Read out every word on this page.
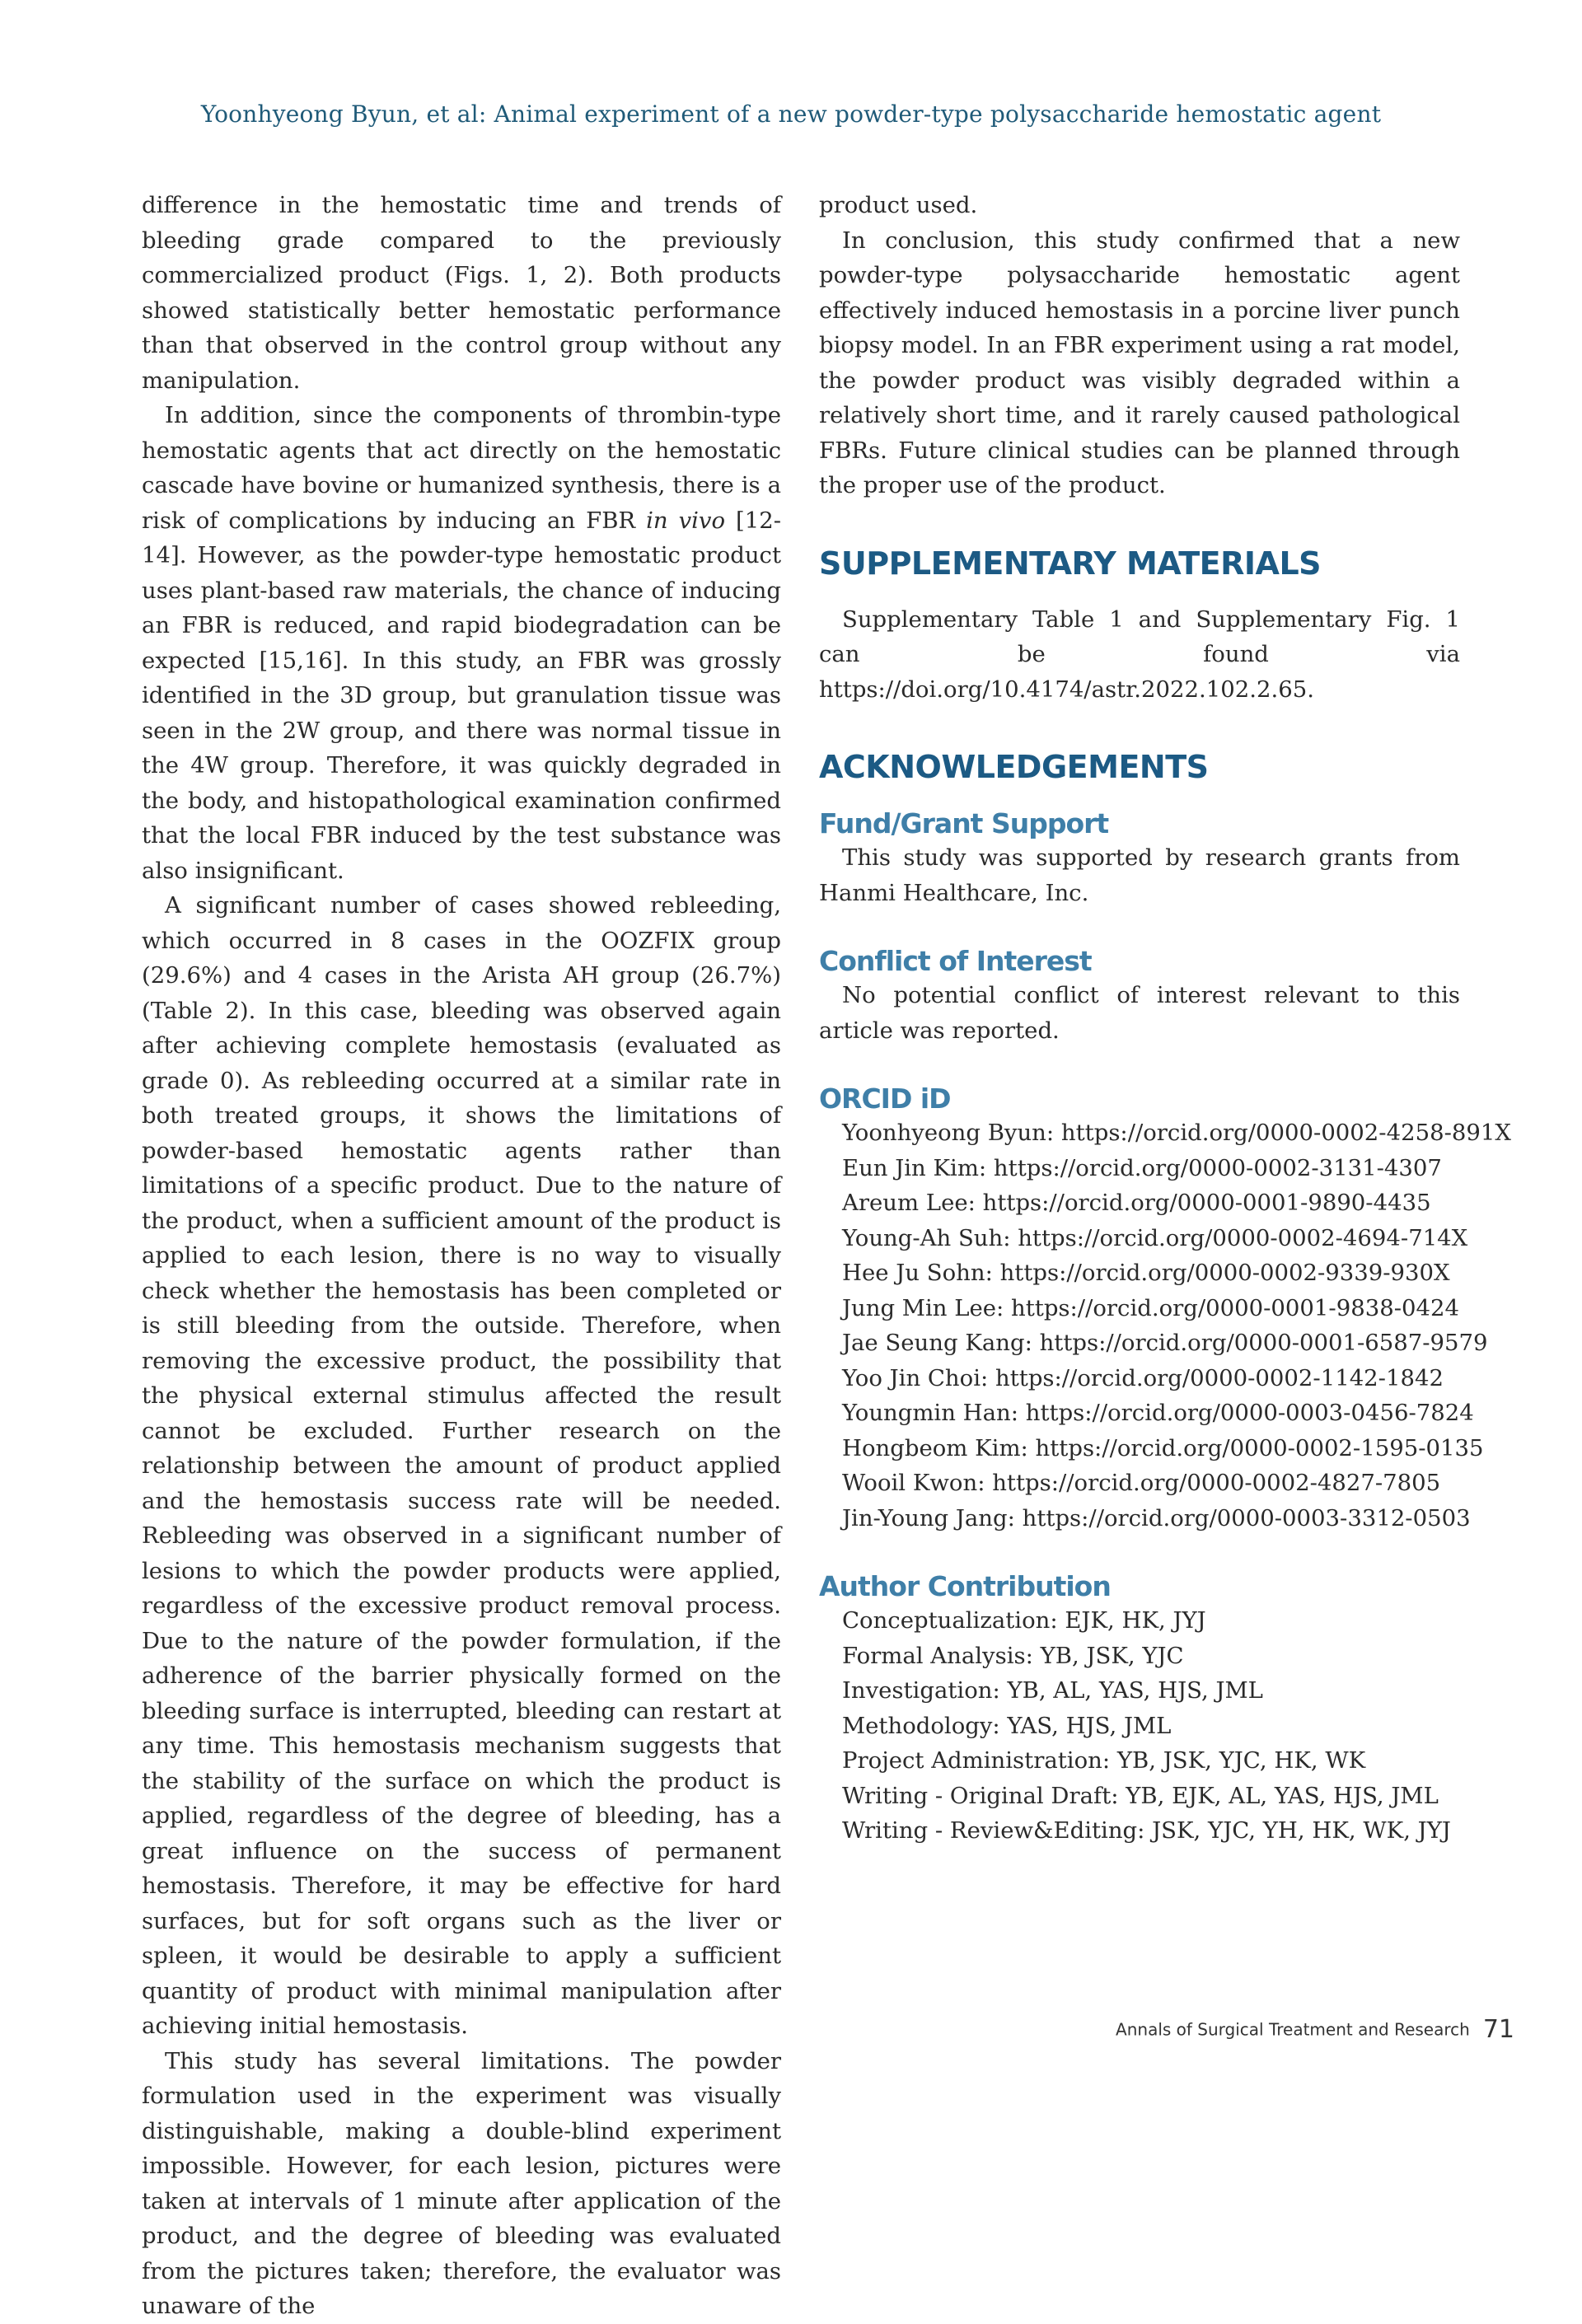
Yoonhyeong Byun, et al: Animal experiment of a new powder-type polysaccharide hemostatic agent

difference in the hemostatic time and trends of bleeding grade compared to the previously commercialized product (Figs. 1, 2). Both products showed statistically better hemostatic performance than that observed in the control group without any manipulation.

In addition, since the components of thrombin-type hemostatic agents that act directly on the hemostatic cascade have bovine or humanized synthesis, there is a risk of complications by inducing an FBR in vivo [12-14]. However, as the powder-type hemostatic product uses plant-based raw materials, the chance of inducing an FBR is reduced, and rapid biodegradation can be expected [15,16]. In this study, an FBR was grossly identified in the 3D group, but granulation tissue was seen in the 2W group, and there was normal tissue in the 4W group. Therefore, it was quickly degraded in the body, and histopathological examination confirmed that the local FBR induced by the test substance was also insignificant.

A significant number of cases showed rebleeding, which occurred in 8 cases in the OOZFIX group (29.6%) and 4 cases in the Arista AH group (26.7%) (Table 2). In this case, bleeding was observed again after achieving complete hemostasis (evaluated as grade 0). As rebleeding occurred at a similar rate in both treated groups, it shows the limitations of powder-based hemostatic agents rather than limitations of a specific product. Due to the nature of the product, when a sufficient amount of the product is applied to each lesion, there is no way to visually check whether the hemostasis has been completed or is still bleeding from the outside. Therefore, when removing the excessive product, the possibility that the physical external stimulus affected the result cannot be excluded. Further research on the relationship between the amount of product applied and the hemostasis success rate will be needed. Rebleeding was observed in a significant number of lesions to which the powder products were applied, regardless of the excessive product removal process. Due to the nature of the powder formulation, if the adherence of the barrier physically formed on the bleeding surface is interrupted, bleeding can restart at any time. This hemostasis mechanism suggests that the stability of the surface on which the product is applied, regardless of the degree of bleeding, has a great influence on the success of permanent hemostasis. Therefore, it may be effective for hard surfaces, but for soft organs such as the liver or spleen, it would be desirable to apply a sufficient quantity of product with minimal manipulation after achieving initial hemostasis.

This study has several limitations. The powder formulation used in the experiment was visually distinguishable, making a double-blind experiment impossible. However, for each lesion, pictures were taken at intervals of 1 minute after application of the product, and the degree of bleeding was evaluated from the pictures taken; therefore, the evaluator was unaware of the

product used.

In conclusion, this study confirmed that a new powder-type polysaccharide hemostatic agent effectively induced hemostasis in a porcine liver punch biopsy model. In an FBR experiment using a rat model, the powder product was visibly degraded within a relatively short time, and it rarely caused pathological FBRs. Future clinical studies can be planned through the proper use of the product.

SUPPLEMENTARY MATERIALS

Supplementary Table 1 and Supplementary Fig. 1 can be found via https://doi.org/10.4174/astr.2022.102.2.65.

ACKNOWLEDGEMENTS
Fund/Grant Support

This study was supported by research grants from Hanmi Healthcare, Inc.

Conflict of Interest

No potential conflict of interest relevant to this article was reported.

ORCID iD
Yoonhyeong Byun: https://orcid.org/0000-0002-4258-891X
Eun Jin Kim: https://orcid.org/0000-0002-3131-4307
Areum Lee: https://orcid.org/0000-0001-9890-4435
Young-Ah Suh: https://orcid.org/0000-0002-4694-714X
Hee Ju Sohn: https://orcid.org/0000-0002-9339-930X
Jung Min Lee: https://orcid.org/0000-0001-9838-0424
Jae Seung Kang: https://orcid.org/0000-0001-6587-9579
Yoo Jin Choi: https://orcid.org/0000-0002-1142-1842
Youngmin Han: https://orcid.org/0000-0003-0456-7824
Hongbeom Kim: https://orcid.org/0000-0002-1595-0135
Wooil Kwon: https://orcid.org/0000-0002-4827-7805
Jin-Young Jang: https://orcid.org/0000-0003-3312-0503
Author Contribution
Conceptualization: EJK, HK, JYJ
Formal Analysis: YB, JSK, YJC
Investigation: YB, AL, YAS, HJS, JML
Methodology: YAS, HJS, JML
Project Administration: YB, JSK, YJC, HK, WK
Writing - Original Draft: YB, EJK, AL, YAS, HJS, JML
Writing - Review&Editing: JSK, YJC, YH, HK, WK, JYJ
Annals of Surgical Treatment and Research 71
